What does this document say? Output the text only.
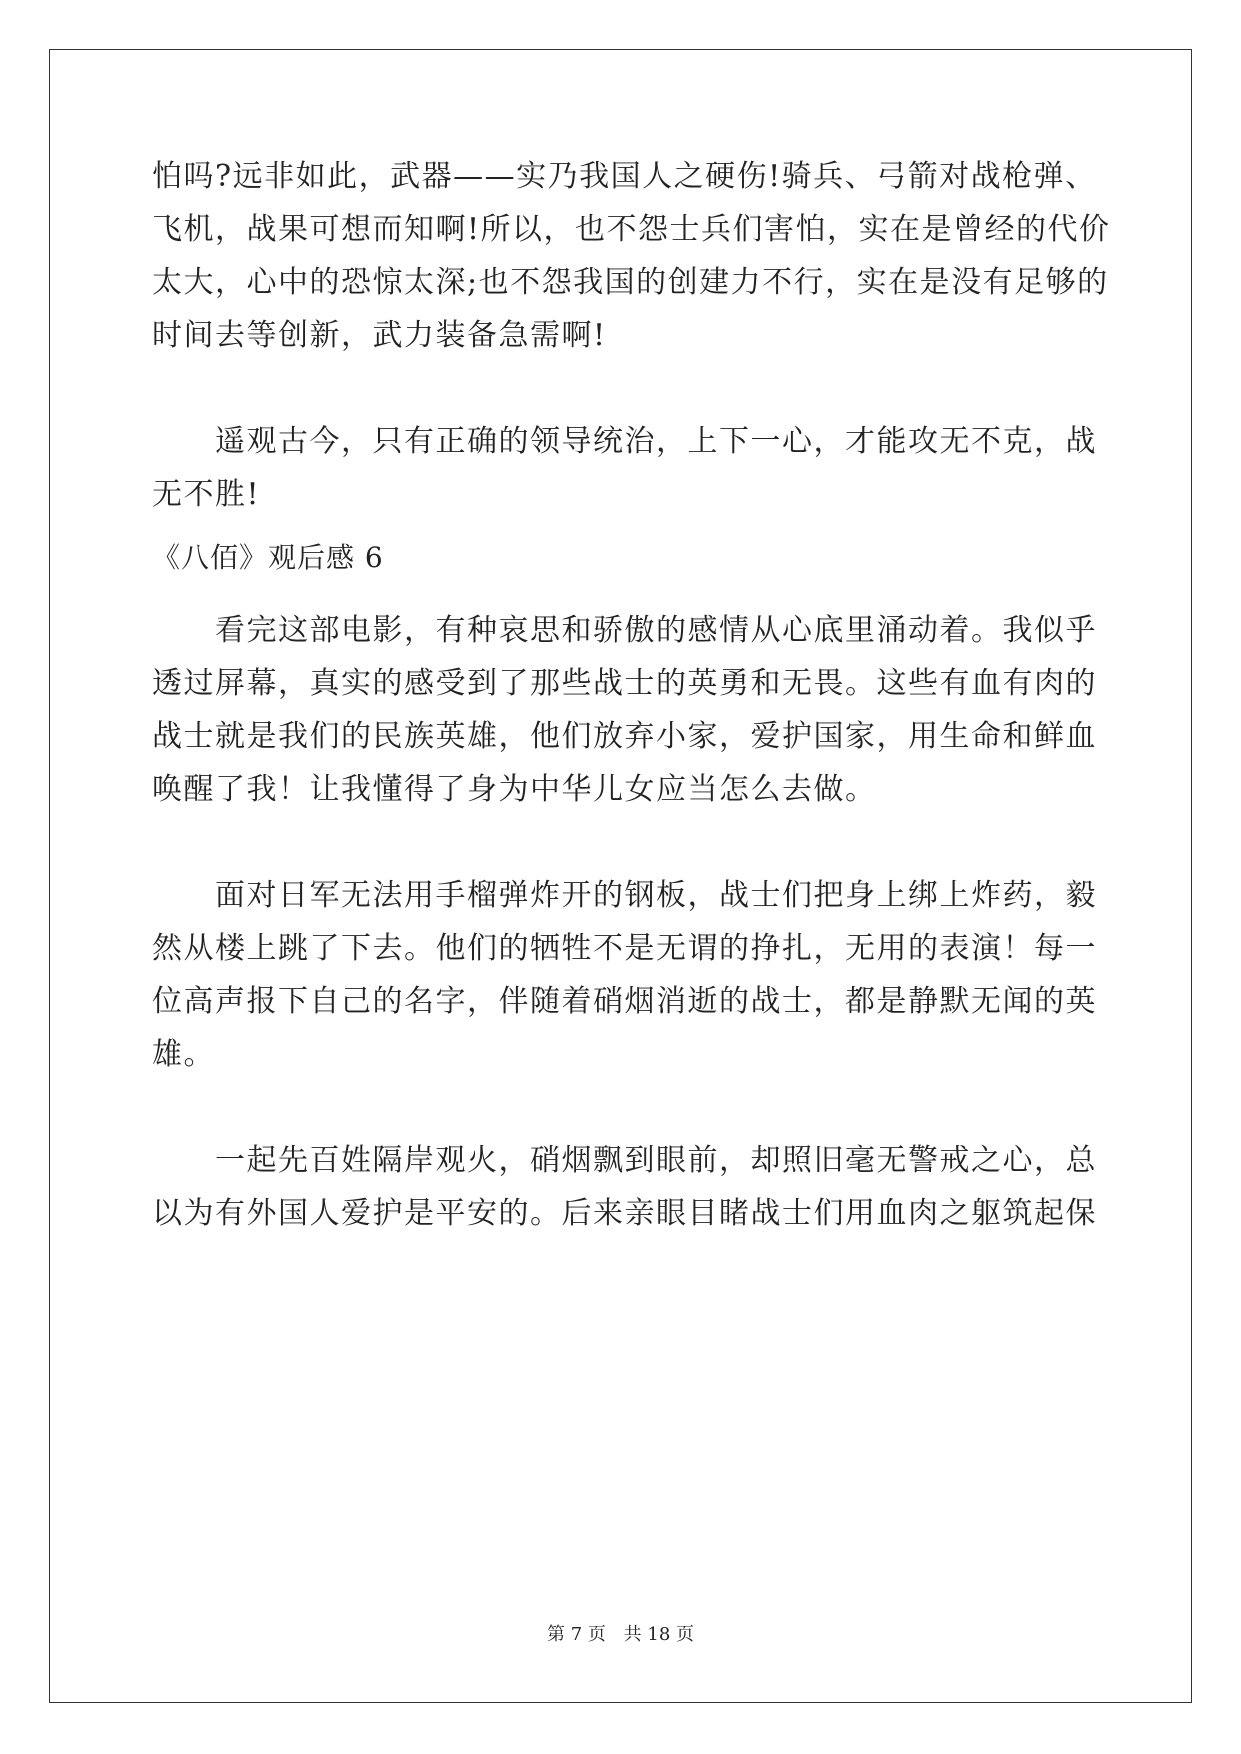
怕吗?远非如此，武器——实乃我国人之硬伤!骑兵、弓箭对战枪弹、
飞机，战果可想而知啊!所以，也不怨士兵们害怕，实在是曾经的代价
太大，心中的恐惊太深;也不怨我国的创建力不行，实在是没有足够的
时间去等创新，武力装备急需啊!
　　遥观古今，只有正确的领导统治，上下一心，才能攻无不克，战
无不胜!
《八佰》观后感 6
　　看完这部电影，有种哀思和骄傲的感情从心底里涌动着。我似乎
透过屏幕，真实的感受到了那些战士的英勇和无畏。这些有血有肉的
战士就是我们的民族英雄，他们放弃小家，爱护国家，用生命和鲜血
唤醒了我！让我懂得了身为中华儿女应当怎么去做。
　　面对日军无法用手榴弹炸开的钢板，战士们把身上绑上炸药，毅
然从楼上跳了下去。他们的牺牲不是无谓的挣扎，无用的表演！每一
位高声报下自己的名字，伴随着硝烟消逝的战士，都是静默无闻的英
雄。
　　一起先百姓隔岸观火，硝烟飘到眼前，却照旧毫无警戒之心，总
以为有外国人爱护是平安的。后来亲眼目睹战士们用血肉之躯筑起保
第 7 页 共 18 页
